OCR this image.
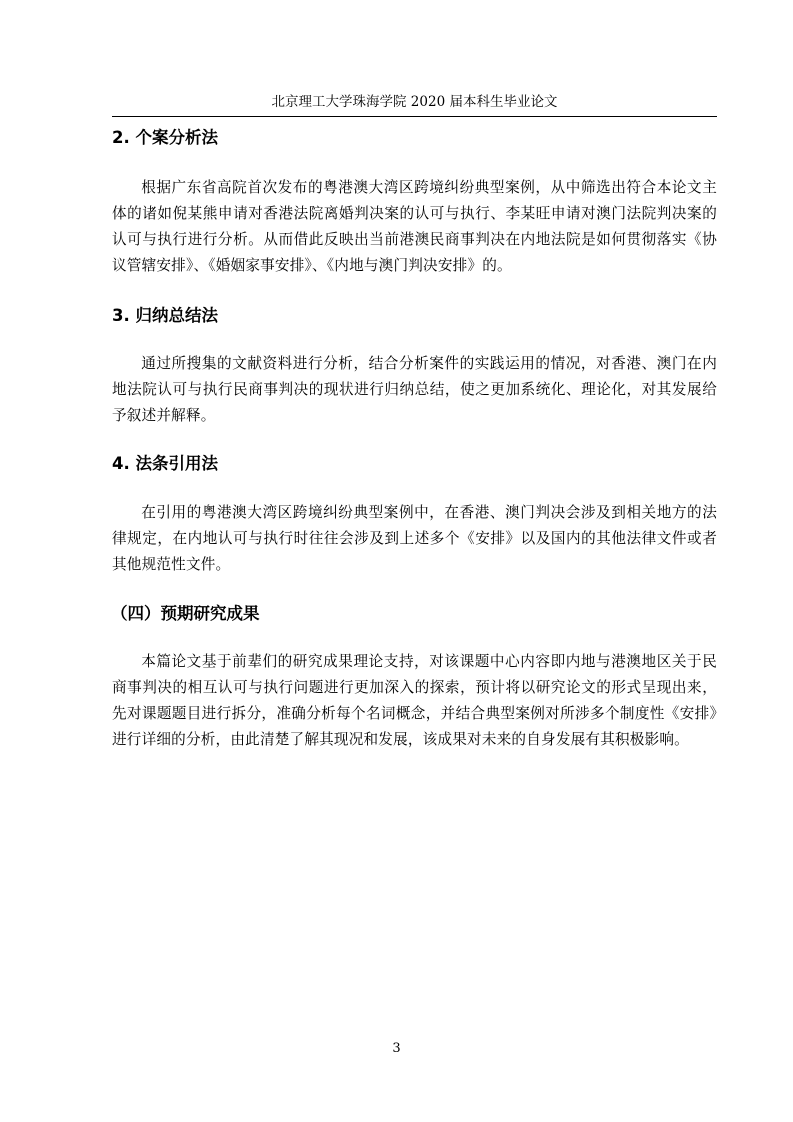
北京理工大学珠海学院 2020 届本科生毕业论文
2. 个案分析法

根据广东省高院首次发布的粤港澳大湾区跨境纠纷典型案例，从中筛选出符合本论文主体的诸如倪某熊申请对香港法院离婚判决案的认可与执行、李某旺申请对澳门法院判决案的认可与执行进行分析。从而借此反映出当前港澳民商事判决在内地法院是如何贯彻落实《协议管辖安排》、《婚姻家事安排》、《内地与澳门判决安排》的。

3. 归纳总结法

通过所搜集的文献资料进行分析，结合分析案件的实践运用的情况，对香港、澳门在内地法院认可与执行民商事判决的现状进行归纳总结，使之更加系统化、理论化，对其发展给予叙述并解释。

4. 法条引用法

在引用的粤港澳大湾区跨境纠纷典型案例中，在香港、澳门判决会涉及到相关地方的法律规定，在内地认可与执行时往往会涉及到上述多个《安排》以及国内的其他法律文件或者其他规范性文件。

（四）预期研究成果

本篇论文基于前辈们的研究成果理论支持，对该课题中心内容即内地与港澳地区关于民商事判决的相互认可与执行问题进行更加深入的探索，预计将以研究论文的形式呈现出来，先对课题题目进行拆分，准确分析每个名词概念，并结合典型案例对所涉多个制度性《安排》进行详细的分析，由此清楚了解其现况和发展，该成果对未来的自身发展有其积极影响。

3
